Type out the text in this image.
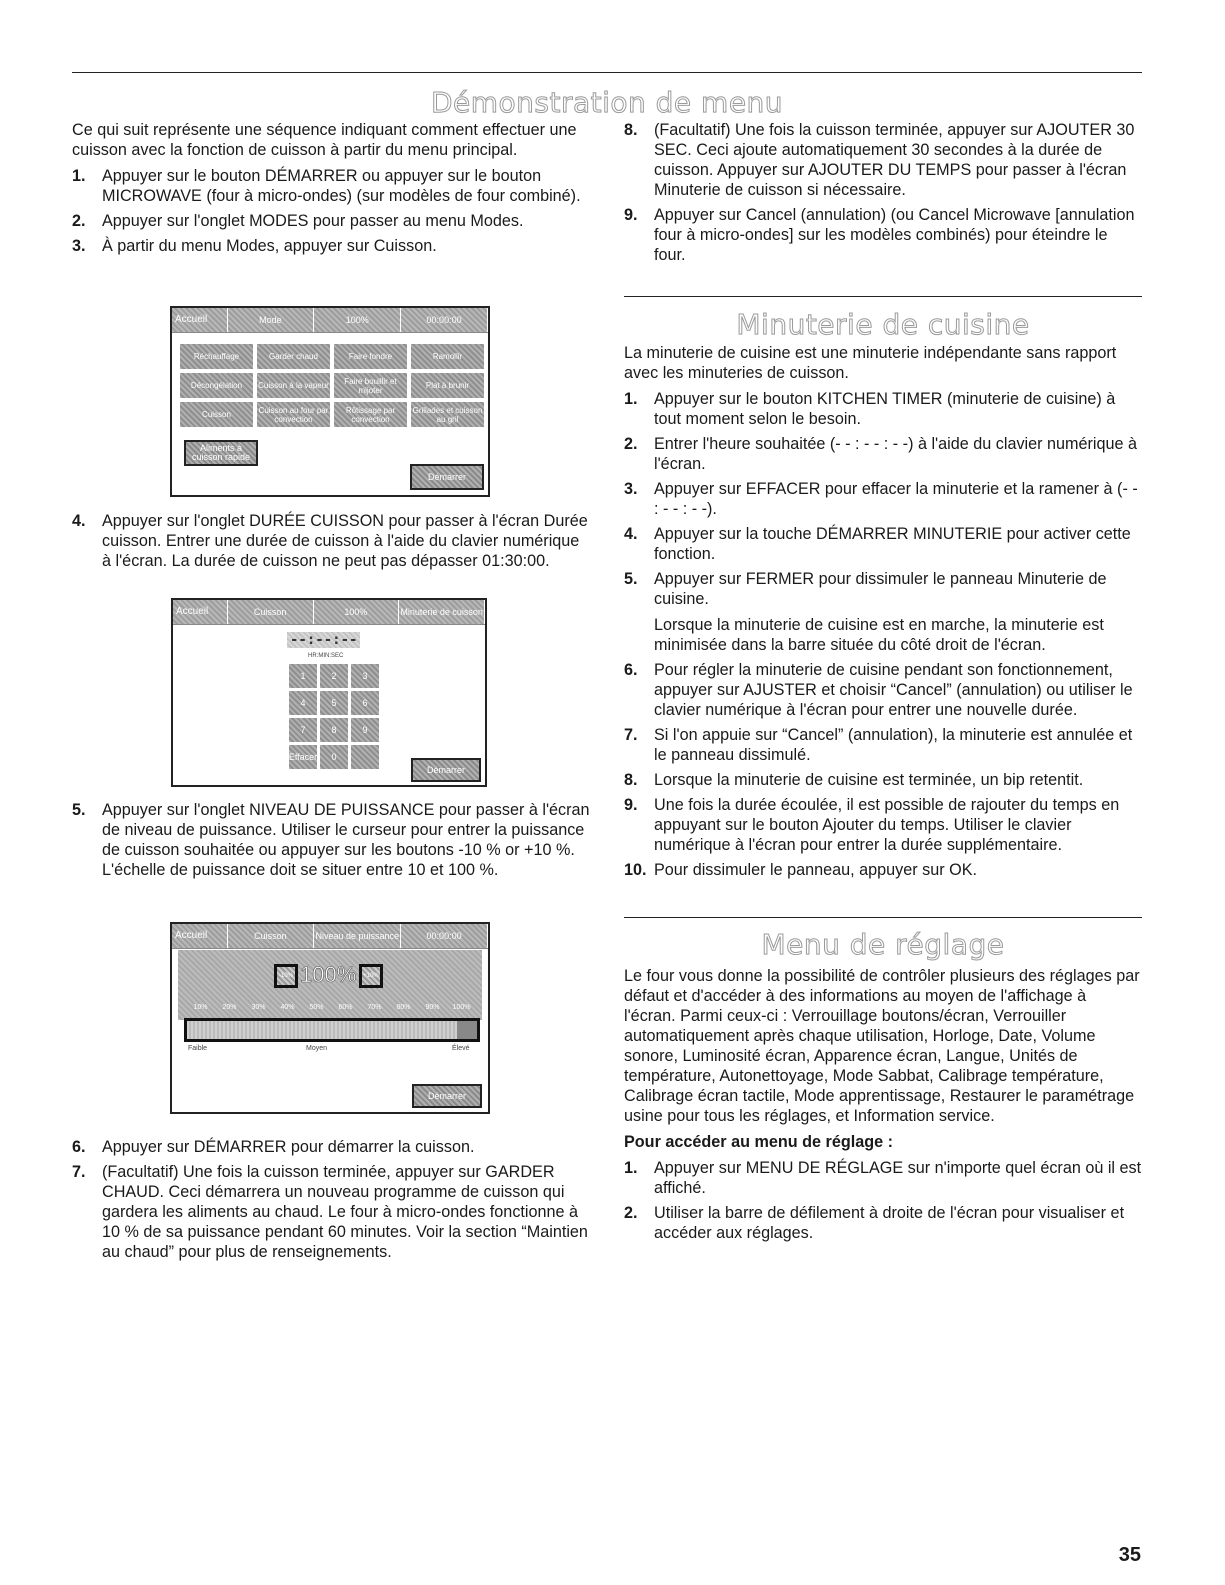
Démonstration de menu

Ce qui suit représente une séquence indiquant comment effectuer une cuisson avec la fonction de cuisson à partir du menu principal.

1. Appuyer sur le bouton DÉMARRER ou appuyer sur le bouton MICROWAVE (four à micro-ondes) (sur modèles de four combiné).
2. Appuyer sur l'onglet MODES pour passer au menu Modes.
3. À partir du menu Modes, appuyer sur Cuisson.
Accueil	Mode	100%	00:00:00
Réchauffage	Garder chaud	Faire fondre	Ramollir
Décongélation	Cuisson à la vapeur	Faire bouillir et mijoter	Plat à brunir
Cuisson	Cuisson au four par convection
Rôtissage par convection
Grillades et cuisson au gril
Aliments à cuisson rapide
Démarrer
4. Appuyer sur l'onglet DURÉE CUISSON pour passer à l'écran Durée cuisson. Entrer une durée de cuisson à l'aide du clavier numérique à l'écran. La durée de cuisson ne peut pas dépasser 01:30:00.
Accueil	Cuisson	100%	Minuterie de cuisson
--:--:--
HR:MIN:SEC
1	2	3
4	5	6
7	8	9
Effacer	0
Démarrer
5. Appuyer sur l'onglet NIVEAU DE PUISSANCE pour passer à l'écran de niveau de puissance. Utiliser le curseur pour entrer la puissance de cuisson souhaitée ou appuyer sur les boutons -10 % or +10 %. L'échelle de puissance doit se situer entre 10 et 100 %.
Accueil	Cuisson	Niveau de puissance	00:00:00
-10% 100%	+10%
10%	20%	30%	40%	50%	60%	70%	80%	90%	100%
Faible	Moyen	Élevé
Démarrer
6. Appuyer sur DÉMARRER pour démarrer la cuisson.
7. (Facultatif) Une fois la cuisson terminée, appuyer sur GARDER CHAUD. Ceci démarrera un nouveau programme de cuisson qui gardera les aliments au chaud. Le four à micro-ondes fonctionne à 10 % de sa puissance pendant 60 minutes. Voir la section “Maintien au chaud” pour plus de renseignements.
8. (Facultatif) Une fois la cuisson terminée, appuyer sur AJOUTER 30 SEC. Ceci ajoute automatiquement 30 secondes à la durée de cuisson. Appuyer sur AJOUTER DU TEMPS pour passer à l'écran Minuterie de cuisson si nécessaire.
9. Appuyer sur Cancel (annulation) (ou Cancel Microwave [annulation four à micro-ondes] sur les modèles combinés) pour éteindre le four.
Minuterie de cuisine

La minuterie de cuisine est une minuterie indépendante sans rapport avec les minuteries de cuisson.

1. Appuyer sur le bouton KITCHEN TIMER (minuterie de cuisine) à tout moment selon le besoin.
2. Entrer l'heure souhaitée (- - : - - : - -) à l'aide du clavier numérique à l'écran.
3. Appuyer sur EFFACER pour effacer la minuterie et la ramener à (- - : - - : - -).
4. Appuyer sur la touche DÉMARRER MINUTERIE pour activer cette fonction.
5. Appuyer sur FERMER pour dissimuler le panneau Minuterie de cuisine.
Lorsque la minuterie de cuisine est en marche, la minuterie est minimisée dans la barre située du côté droit de l'écran.
6. Pour régler la minuterie de cuisine pendant son fonctionnement, appuyer sur AJUSTER et choisir “Cancel” (annulation) ou utiliser le clavier numérique à l'écran pour entrer une nouvelle durée.
7. Si l'on appuie sur “Cancel” (annulation), la minuterie est annulée et le panneau dissimulé.
8. Lorsque la minuterie de cuisine est terminée, un bip retentit.
9. Une fois la durée écoulée, il est possible de rajouter du temps en appuyant sur le bouton Ajouter du temps. Utiliser le clavier numérique à l'écran pour entrer la durée supplémentaire.
10. Pour dissimuler le panneau, appuyer sur OK.
Menu de réglage

Le four vous donne la possibilité de contrôler plusieurs des réglages par défaut et d'accéder à des informations au moyen de l'affichage à l'écran. Parmi ceux-ci : Verrouillage boutons/écran, Verrouiller automatiquement après chaque utilisation, Horloge, Date, Volume sonore, Luminosité écran, Apparence écran, Langue, Unités de température, Autonettoyage, Mode Sabbat, Calibrage température, Calibrage écran tactile, Mode apprentissage, Restaurer le paramétrage usine pour tous les réglages, et Information service.

Pour accéder au menu de réglage :

1. Appuyer sur MENU DE RÉGLAGE sur n'importe quel écran où il est affiché.
2. Utiliser la barre de défilement à droite de l'écran pour visualiser et accéder aux réglages.
35
